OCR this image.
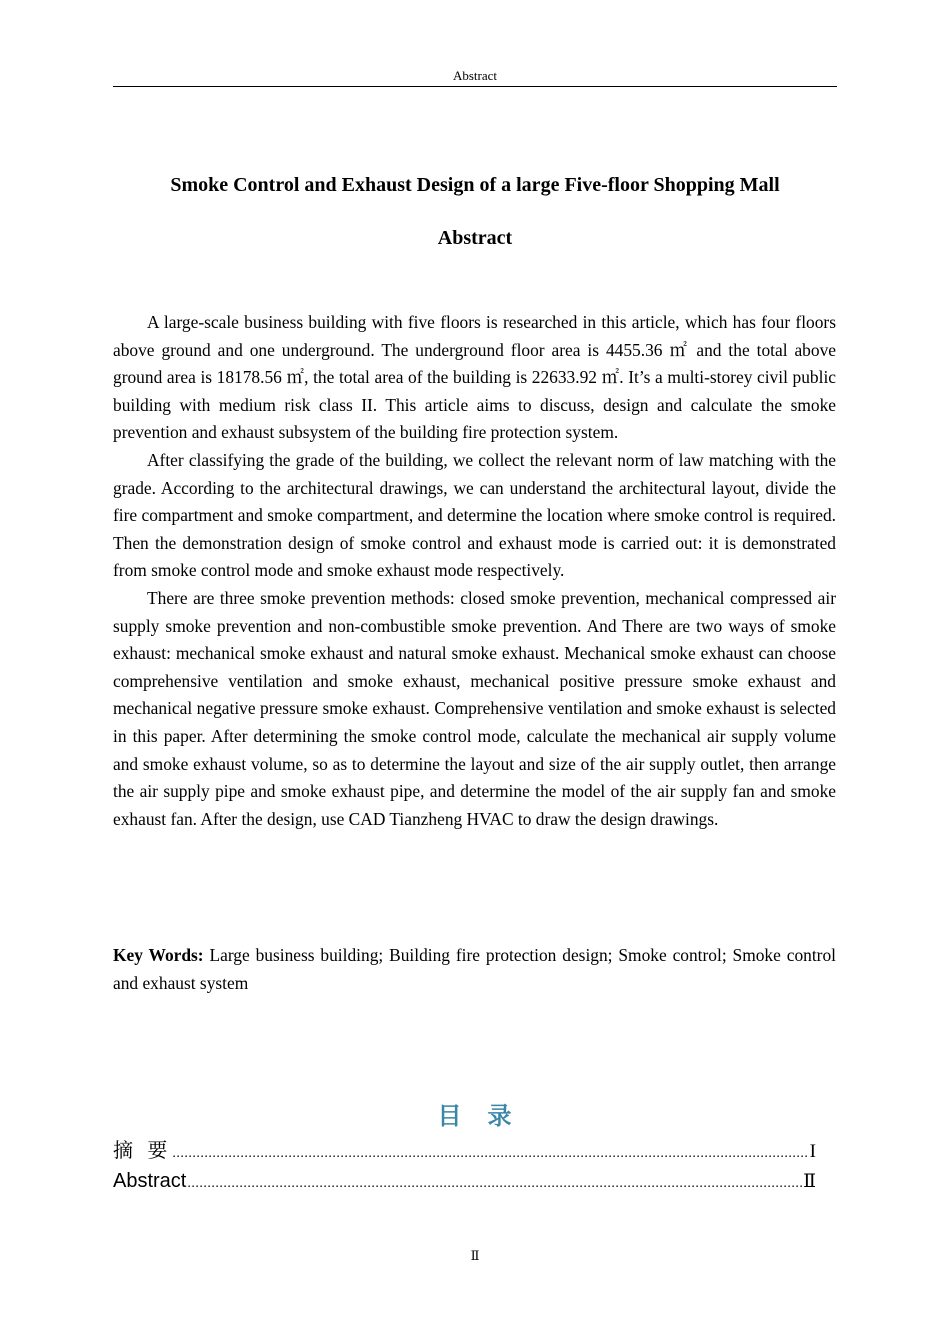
Abstract
Smoke Control and Exhaust Design of a large Five-floor Shopping Mall
Abstract

A large-scale business building with five floors is researched in this article, which has four floors above ground and one underground. The underground floor area is 4455.36 ㎡ and the total above ground area is 18178.56 ㎡, the total area of the building is 22633.92 ㎡. It’s a multi-storey civil public building with medium risk class II. This article aims to discuss, design and calculate the smoke prevention and exhaust subsystem of the building fire protection system.

After classifying the grade of the building, we collect the relevant norm of law matching with the grade. According to the architectural drawings, we can understand the architectural layout, divide the fire compartment and smoke compartment, and determine the location where smoke control is required. Then the demonstration design of smoke control and exhaust mode is carried out: it is demonstrated from smoke control mode and smoke exhaust mode respectively.

There are three smoke prevention methods: closed smoke prevention, mechanical compressed air supply smoke prevention and non-combustible smoke prevention. And There are two ways of smoke exhaust: mechanical smoke exhaust and natural smoke exhaust. Mechanical smoke exhaust can choose comprehensive ventilation and smoke exhaust, mechanical positive pressure smoke exhaust and mechanical negative pressure smoke exhaust. Comprehensive ventilation and smoke exhaust is selected in this paper. After determining the smoke control mode, calculate the mechanical air supply volume and smoke exhaust volume, so as to determine the layout and size of the air supply outlet, then arrange the air supply pipe and smoke exhaust pipe, and determine the model of the air supply fan and smoke exhaust fan. After the design, use CAD Tianzheng HVAC to draw the design drawings.

Key Words: Large business building; Building fire protection design; Smoke control; Smoke control and exhaust system

目　录
摘 要 .....	I
Abstract .....	Ⅱ
Ⅱ
